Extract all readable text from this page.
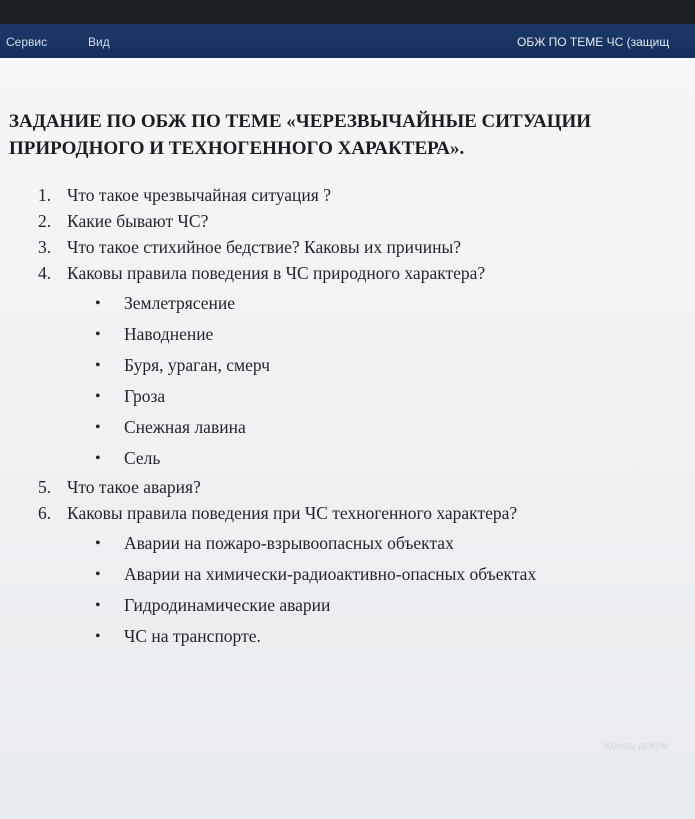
Сервис	Вид	ОБЖ ПО ТЕМЕ ЧС (защищ
ЗАДАНИЕ ПО ОБЖ ПО ТЕМЕ «ЧЕРЕЗВЫЧАЙНЫЕ СИТУАЦИИ
ПРИРОДНОГО И ТЕХНОГЕННОГО ХАРАКТЕРА».
1. Что такое чрезвычайная ситуация ?
2. Какие бывают ЧС?
3. Что такое стихийное бедствие? Каковы их причины?
4. Каковы правила поведения в ЧС природного характера?
• Землетрясение
• Наводнение
• Буря, ураган, смерч
• Гроза
• Снежная лавина
• Сель
5. Что такое авария?
6. Каковы правила поведения при ЧС техногенного характера?
• Аварии на пожаро-взрывоопасных объектах
• Аварии на химически-радиоактивно-опасных объектах
• Гидродинамические аварии
• ЧС на транспорте.
Конец докум
